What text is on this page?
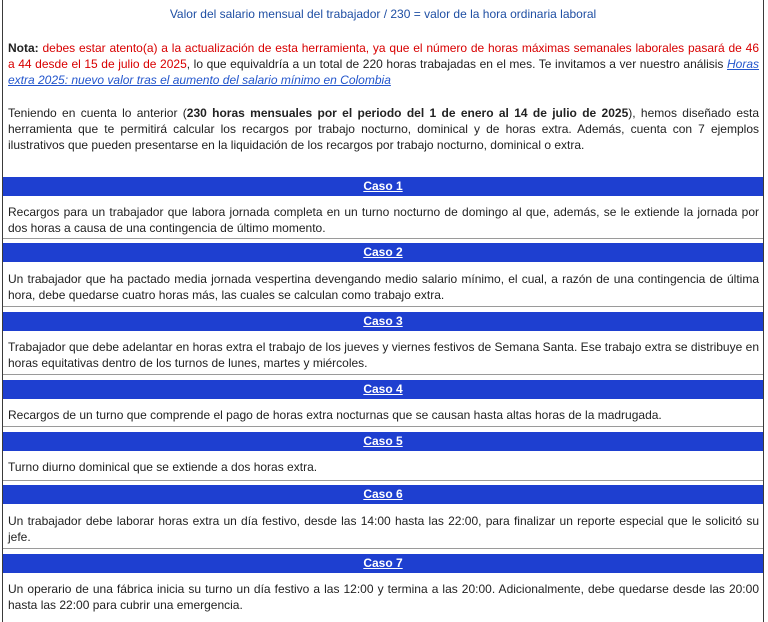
Valor del salario mensual del trabajador / 230 = valor de la hora ordinaria laboral
Nota: debes estar atento(a) a la actualización de esta herramienta, ya que el número de horas máximas semanales laborales pasará de 46 a 44 desde el 15 de julio de 2025, lo que equivaldría a un total de 220 horas trabajadas en el mes. Te invitamos a ver nuestro análisis Horas extra 2025: nuevo valor tras el aumento del salario mínimo en Colombia
Teniendo en cuenta lo anterior (230 horas mensuales por el periodo del 1 de enero al 14 de julio de 2025), hemos diseñado esta herramienta que te permitirá calcular los recargos por trabajo nocturno, dominical y de horas extra. Además, cuenta con 7 ejemplos ilustrativos que pueden presentarse en la liquidación de los recargos por trabajo nocturno, dominical o extra.
Caso 1
Recargos para un trabajador que labora jornada completa en un turno nocturno de domingo al que, además, se le extiende la jornada por dos horas a causa de una contingencia de último momento.
Caso 2
Un trabajador que ha pactado media jornada vespertina devengando medio salario mínimo, el cual, a razón de una contingencia de última hora, debe quedarse cuatro horas más, las cuales se calculan como trabajo extra.
Caso 3
Trabajador que debe adelantar en horas extra el trabajo de los jueves y viernes festivos de Semana Santa. Ese trabajo extra se distribuye en horas equitativas dentro de los turnos de lunes, martes y miércoles.
Caso 4
Recargos de un turno que comprende el pago de horas extra nocturnas que se causan hasta altas horas de la madrugada.
Caso 5
Turno diurno dominical que se extiende a dos horas extra.
Caso 6
Un trabajador debe laborar horas extra un día festivo, desde las 14:00 hasta las 22:00, para finalizar un reporte especial que le solicitó su jefe.
Caso 7
Un operario de una fábrica inicia su turno un día festivo a las 12:00 y termina a las 20:00. Adicionalmente, debe quedarse desde las 20:00 hasta las 22:00 para cubrir una emergencia.
